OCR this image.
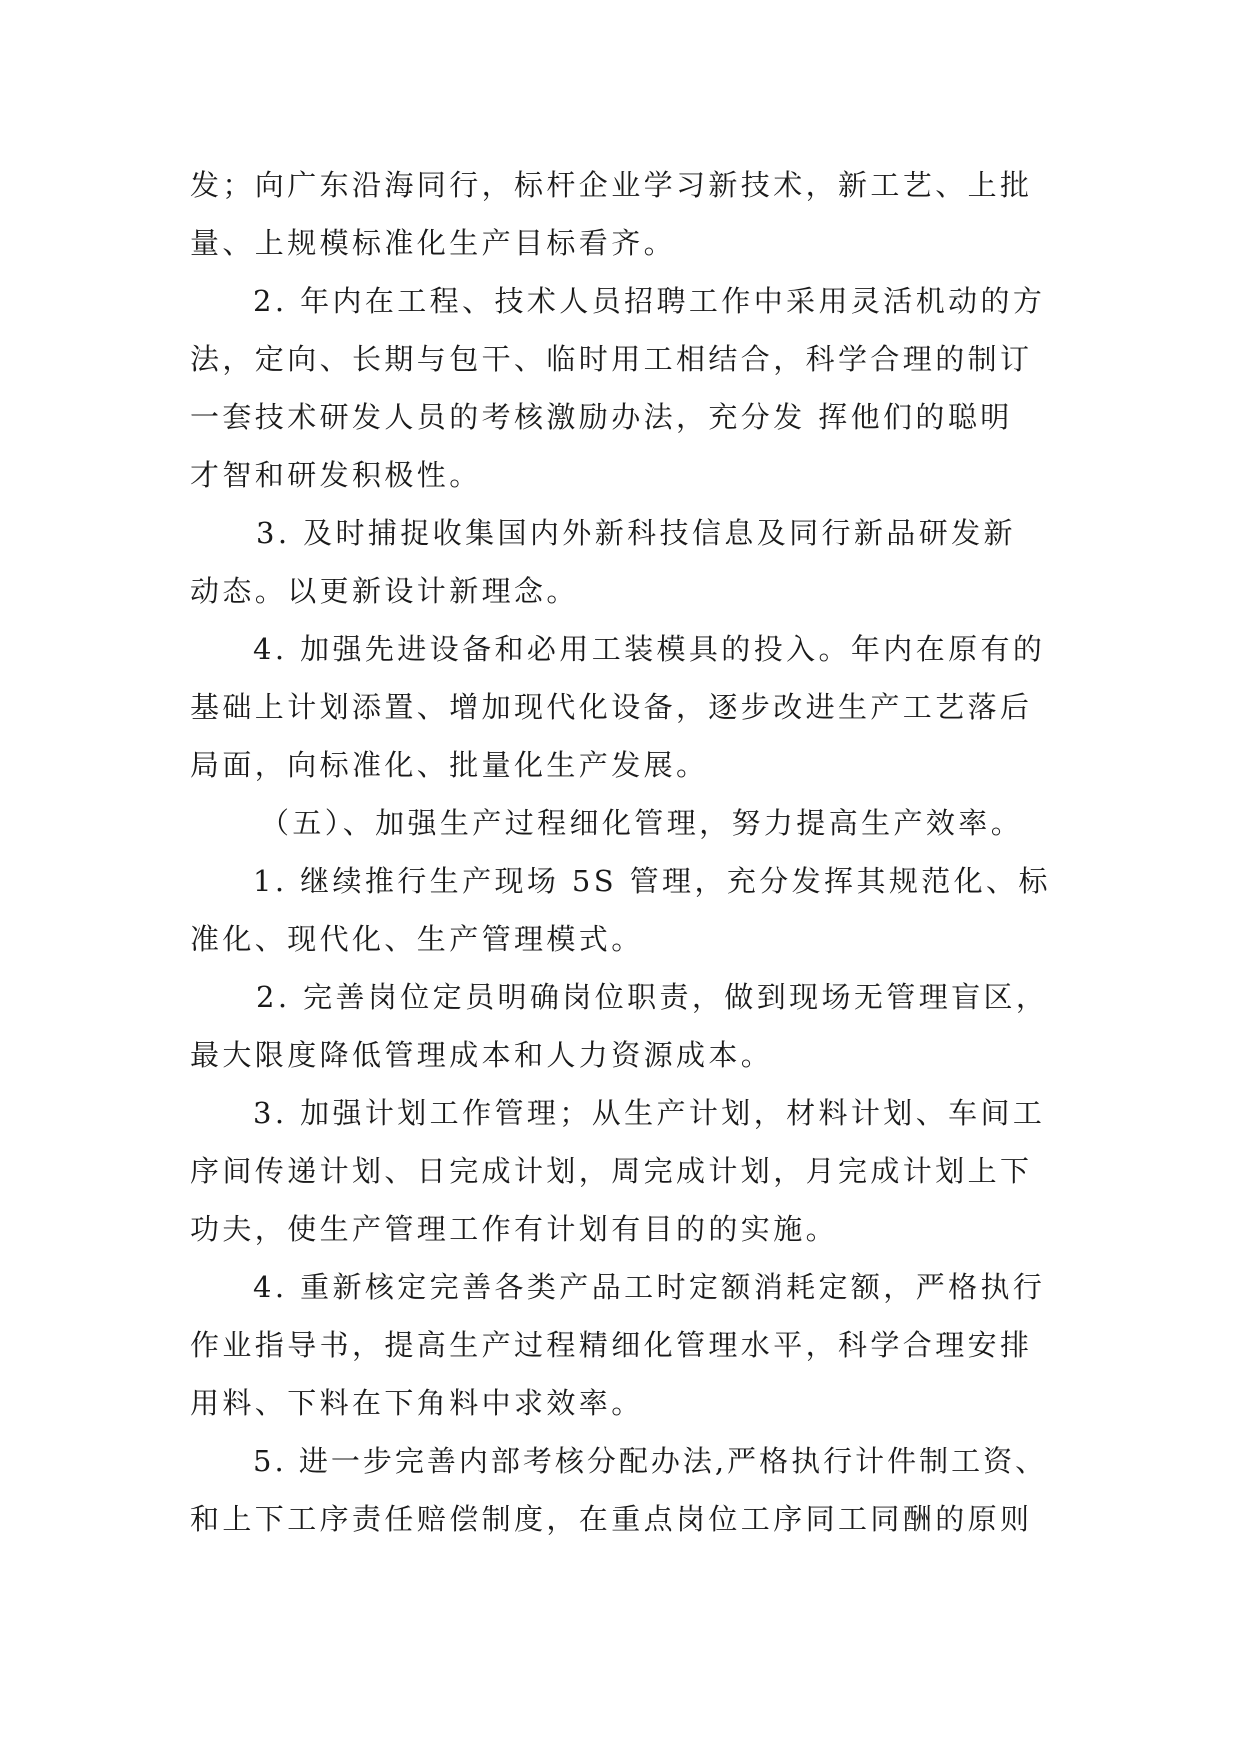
发；向广东沿海同行，标杆企业学习新技术，新工艺、上批
量、上规模标准化生产目标看齐。
2. 年内在工程、技术人员招聘工作中采用灵活机动的方
法，定向、长期与包干、临时用工相结合，科学合理的制订
一套技术研发人员的考核激励办法，充分发 挥他们的聪明
才智和研发积极性。
3. 及时捕捉收集国内外新科技信息及同行新品研发新
动态。以更新设计新理念。
4. 加强先进设备和必用工装模具的投入。年内在原有的
基础上计划添置、增加现代化设备，逐步改进生产工艺落后
局面，向标准化、批量化生产发展。
（五）、加强生产过程细化管理，努力提高生产效率。
1. 继续推行生产现场 5S 管理，充分发挥其规范化、标
准化、现代化、生产管理模式。
2. 完善岗位定员明确岗位职责，做到现场无管理盲区，
最大限度降低管理成本和人力资源成本。
3. 加强计划工作管理；从生产计划，材料计划、车间工
序间传递计划、日完成计划，周完成计划，月完成计划上下
功夫，使生产管理工作有计划有目的的实施。
4. 重新核定完善各类产品工时定额消耗定额，严格执行
作业指导书，提高生产过程精细化管理水平，科学合理安排
用料、下料在下角料中求效率。
5. 进一步完善内部考核分配办法,严格执行计件制工资、
和上下工序责任赔偿制度，在重点岗位工序同工同酬的原则
